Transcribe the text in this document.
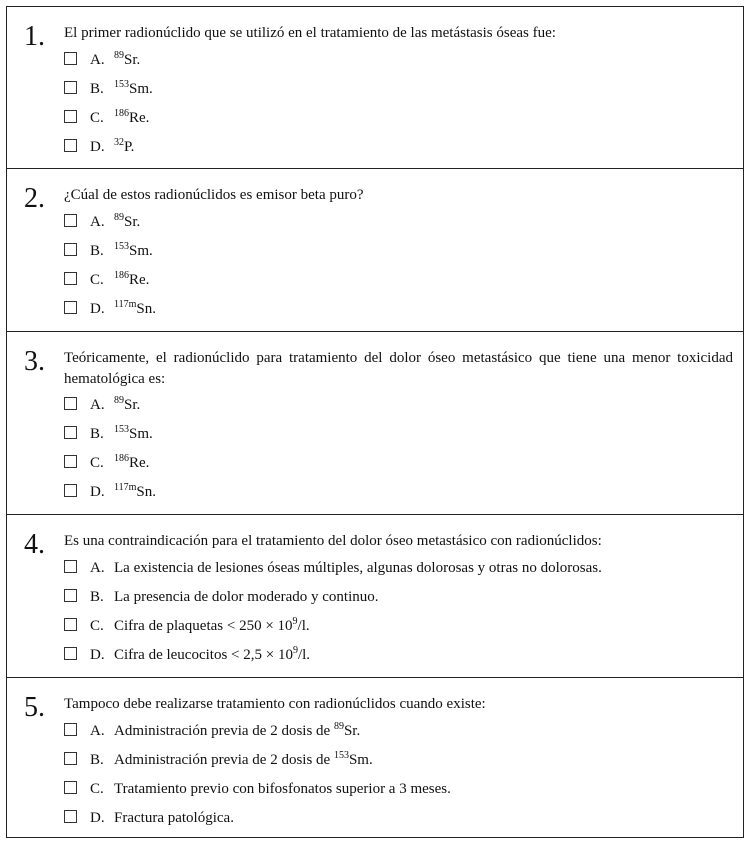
1. El primer radionúclido que se utilizó en el tratamiento de las metástasis óseas fue:
A. $^{89}$Sr.
B. $^{153}$Sm.
C. $^{186}$Re.
D. $^{32}$P.
2. ¿Cúal de estos radionúclidos es emisor beta puro?
A. $^{89}$Sr.
B. $^{153}$Sm.
C. $^{186}$Re.
D. $^{117m}$Sn.
3. Teóricamente, el radionúclido para tratamiento del dolor óseo metastásico que tiene una menor toxicidad hematológica es:
A. $^{89}$Sr.
B. $^{153}$Sm.
C. $^{186}$Re.
D. $^{117m}$Sn.
4. Es una contraindicación para el tratamiento del dolor óseo metastásico con radionúclidos:
A. La existencia de lesiones óseas múltiples, algunas dolorosas y otras no dolorosas.
B. La presencia de dolor moderado y continuo.
C. Cifra de plaquetas < $250 \times 10^9/l$.
D. Cifra de leucocitos < $2,5 \times 10^9/l$.
5. Tampoco debe realizarse tratamiento con radionúclidos cuando existe:
A. Administración previa de 2 dosis de $^{89}$Sr.
B. Administración previa de 2 dosis de $^{153}$Sm.
C. Tratamiento previo con bifosfonatos superior a 3 meses.
D. Fractura patológica.
